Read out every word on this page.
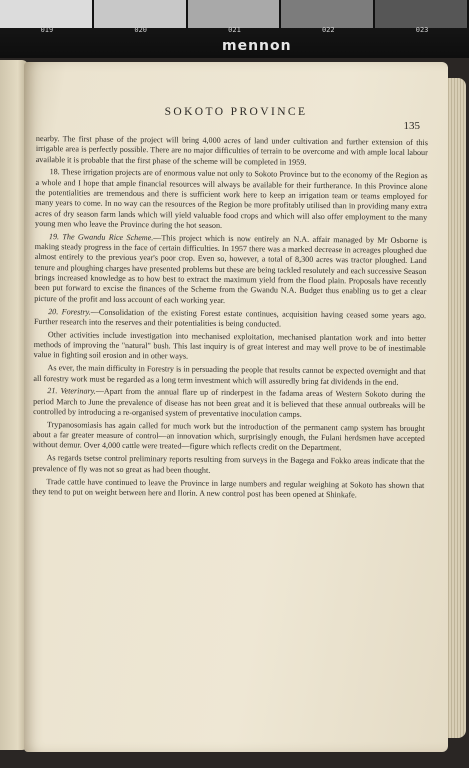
019	020	021	022	023
mennon
SOKOTO PROVINCE
135

nearby. The first phase of the project will bring 4,000 acres of land under cultivation and further extension of this irrigable area is perfectly possible. There are no major difficulties of terrain to be overcome and with ample local labour available it is probable that the first phase of the scheme will be completed in 1959.

18. These irrigation projects are of enormous value not only to Sokoto Province but to the economy of the Region as a whole and I hope that ample financial resources will always be available for their furtherance. In this Province alone the potentialities are tremendous and there is sufficient work here to keep an irrigation team or teams employed for many years to come. In no way can the resources of the Region be more profitably utilised than in providing many extra acres of dry season farm lands which will yield valuable food crops and which will also offer employment to the many young men who leave the Province during the hot season.

19. The Gwandu Rice Scheme.—This project which is now entirely an N.A. affair managed by Mr Osborne is making steady progress in the face of certain difficulties. In 1957 there was a marked decrease in acreages ploughed due almost entirely to the previous year's poor crop. Even so, however, a total of 8,300 acres was tractor ploughed. Land tenure and ploughing charges have presented problems but these are being tackled resolutely and each successive Season brings increased knowledge as to how best to extract the maximum yield from the flood plain. Proposals have recently been put forward to excise the finances of the Scheme from the Gwandu N.A. Budget thus enabling us to get a clear picture of the profit and loss account of each working year.

20. Forestry.—Consolidation of the existing Forest estate continues, acquisition having ceased some years ago. Further research into the reserves and their potentialities is being conducted.

Other activities include investigation into mechanised exploitation, mechanised plantation work and into better methods of improving the "natural" bush. This last inquiry is of great interest and may well prove to be of inestimable value in fighting soil erosion and in other ways.

As ever, the main difficulty in Forestry is in persuading the people that results cannot be expected overnight and that all forestry work must be regarded as a long term investment which will assuredly bring fat dividends in the end.

21. Veterinary.—Apart from the annual flare up of rinderpest in the fadama areas of Western Sokoto during the period March to June the prevalence of disease has not been great and it is believed that these annual outbreaks will be controlled by introducing a re-organised system of preventative inoculation camps.

Trypanosomiasis has again called for much work but the introduction of the permanent camp system has brought about a far greater measure of control—an innovation which, surprisingly enough, the Fulani herdsmen have accepted without demur. Over 4,000 cattle were treated—figure which reflects credit on the Department.

As regards tsetse control preliminary reports resulting from surveys in the Bagega and Fokko areas indicate that the prevalence of fly was not so great as had been thought.

Trade cattle have continued to leave the Province in large numbers and regular weighing at Sokoto has shown that they tend to put on weight between here and Ilorin. A new control post has been opened at Shinkafe.
